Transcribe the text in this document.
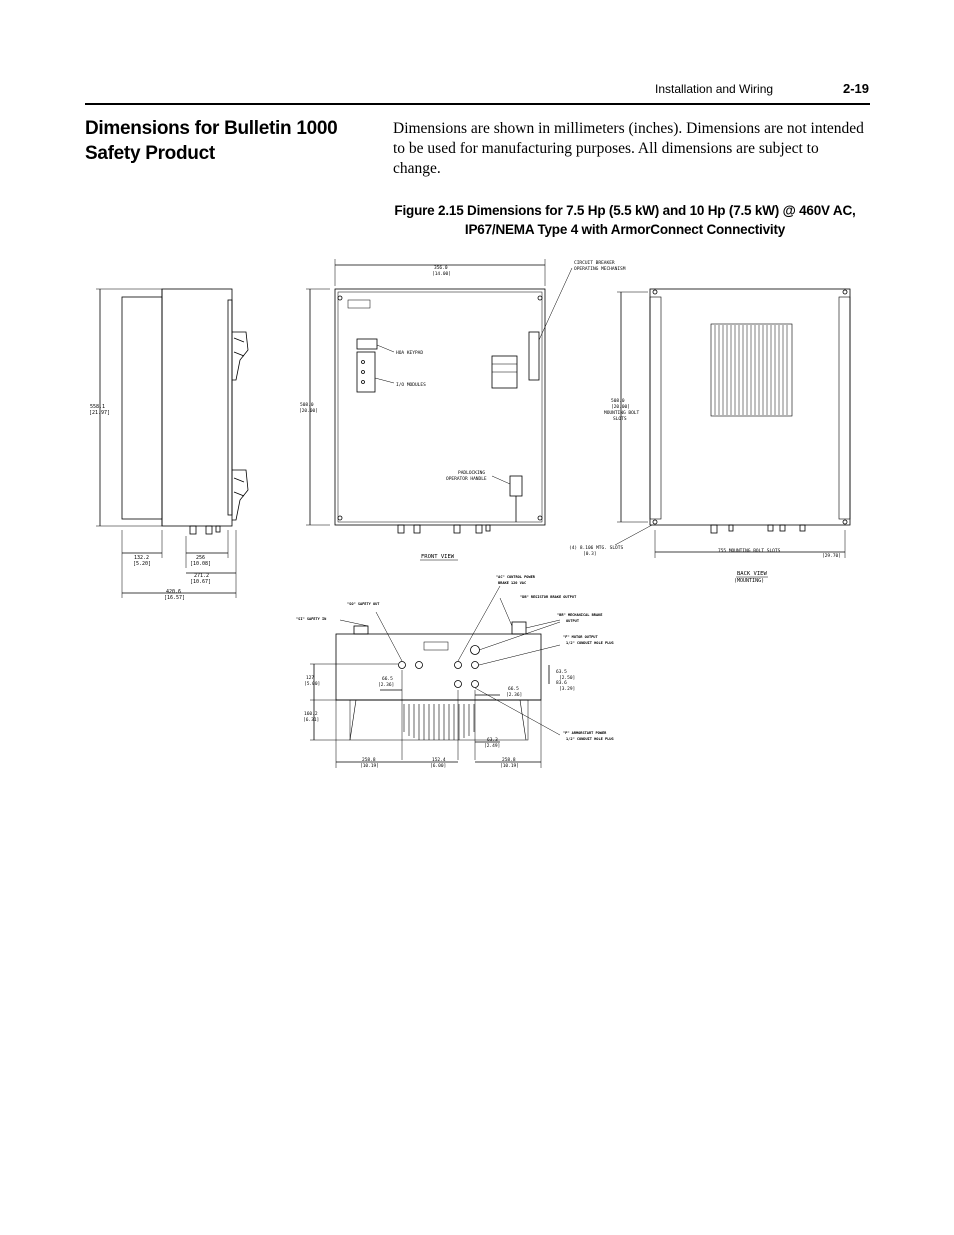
Installation and Wiring	2-19
Dimensions for Bulletin 1000 Safety Product
Dimensions are shown in millimeters (inches). Dimensions are not intended to be used for manufacturing purposes. All dimensions are subject to change.
Figure 2.15 Dimensions for 7.5 Hp (5.5 kW) and 10 Hp (7.5 kW) @ 460V AC,
IP67/NEMA Type 4 with ArmorConnect Connectivity
558.1
[21.97]
132.2
[5.20]
256
[10.08]
271.2
[10.67]
420.6
[16.57]
356.0
[14.00]
508.0
[20.00]
CIRCUIT BREAKER
OPERATING MECHANISM
HOA KEYPAD
I/O MODULES
PADLOCKING
OPERATOR HANDLE
FRONT VIEW
508.0
[20.00]
MOUNTING BOLT
SLOTS
(4) 8.106 MTG. SLOTS
[0.3]
755 MOUNTING BOLT SLOTS
[29.70]
BACK VIEW
(MOUNTING)
"AC" CONTROL POWER
BRAKE 120 VAC
"DB" RESISTOR BRAKE OUTPUT
"SO" SAFETY OUT
"SI" SAFETY IN
"BR" MECHANICAL BRAKE
OUTPUT
"F" MOTOR OUTPUT
1/2" CONDUIT HOLE PLUG
"P" ARMORSTART POWER
1/2" CONDUIT HOLE PLUG
127
[5.00]
160.2
[6.31]
66.5
[2.36]
66.5
[2.36]
63.5
[2.50]
63.3
[2.49]
83.6
[3.29]
258.8
[10.19]
152.4
[6.00]
258.8
[10.19]
